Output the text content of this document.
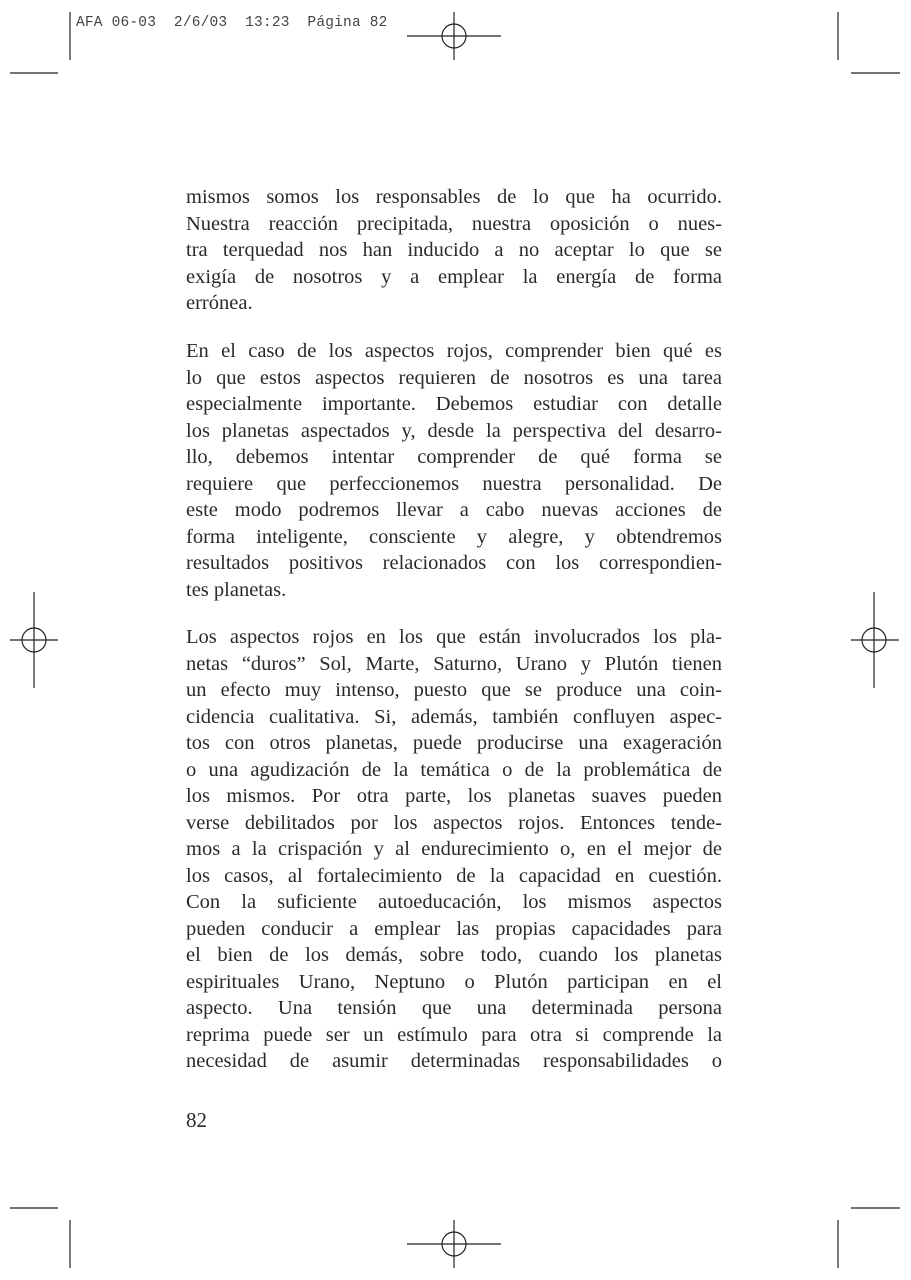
AFA 06-03  2/6/03  13:23  Página 82
mismos somos los responsables de lo que ha ocurrido.
Nuestra reacción precipitada, nuestra oposición o nues-
tra terquedad nos han inducido a no aceptar lo que se
exigía de nosotros y a emplear la energía de forma
errónea.
En el caso de los aspectos rojos, comprender bien qué es
lo que estos aspectos requieren de nosotros es una tarea
especialmente importante. Debemos estudiar con detalle
los planetas aspectados y, desde la perspectiva del desarro-
llo, debemos intentar comprender de qué forma se
requiere que perfeccionemos nuestra personalidad. De
este modo podremos llevar a cabo nuevas acciones de
forma inteligente, consciente y alegre, y obtendremos
resultados positivos relacionados con los correspondien-
tes planetas.
Los aspectos rojos en los que están involucrados los pla-
netas “duros” Sol, Marte, Saturno, Urano y Plutón tienen
un efecto muy intenso, puesto que se produce una coin-
cidencia cualitativa. Si, además, también confluyen aspec-
tos con otros planetas, puede producirse una exageración
o una agudización de la temática o de la problemática de
los mismos. Por otra parte, los planetas suaves pueden
verse debilitados por los aspectos rojos. Entonces tende-
mos a la crispación y al endurecimiento o, en el mejor de
los casos, al fortalecimiento de la capacidad en cuestión.
Con la suficiente autoeducación, los mismos aspectos
pueden conducir a emplear las propias capacidades para
el bien de los demás, sobre todo, cuando los planetas
espirituales Urano, Neptuno o Plutón participan en el
aspecto. Una tensión que una determinada persona
reprima puede ser un estímulo para otra si comprende la
necesidad de asumir determinadas responsabilidades o
82
